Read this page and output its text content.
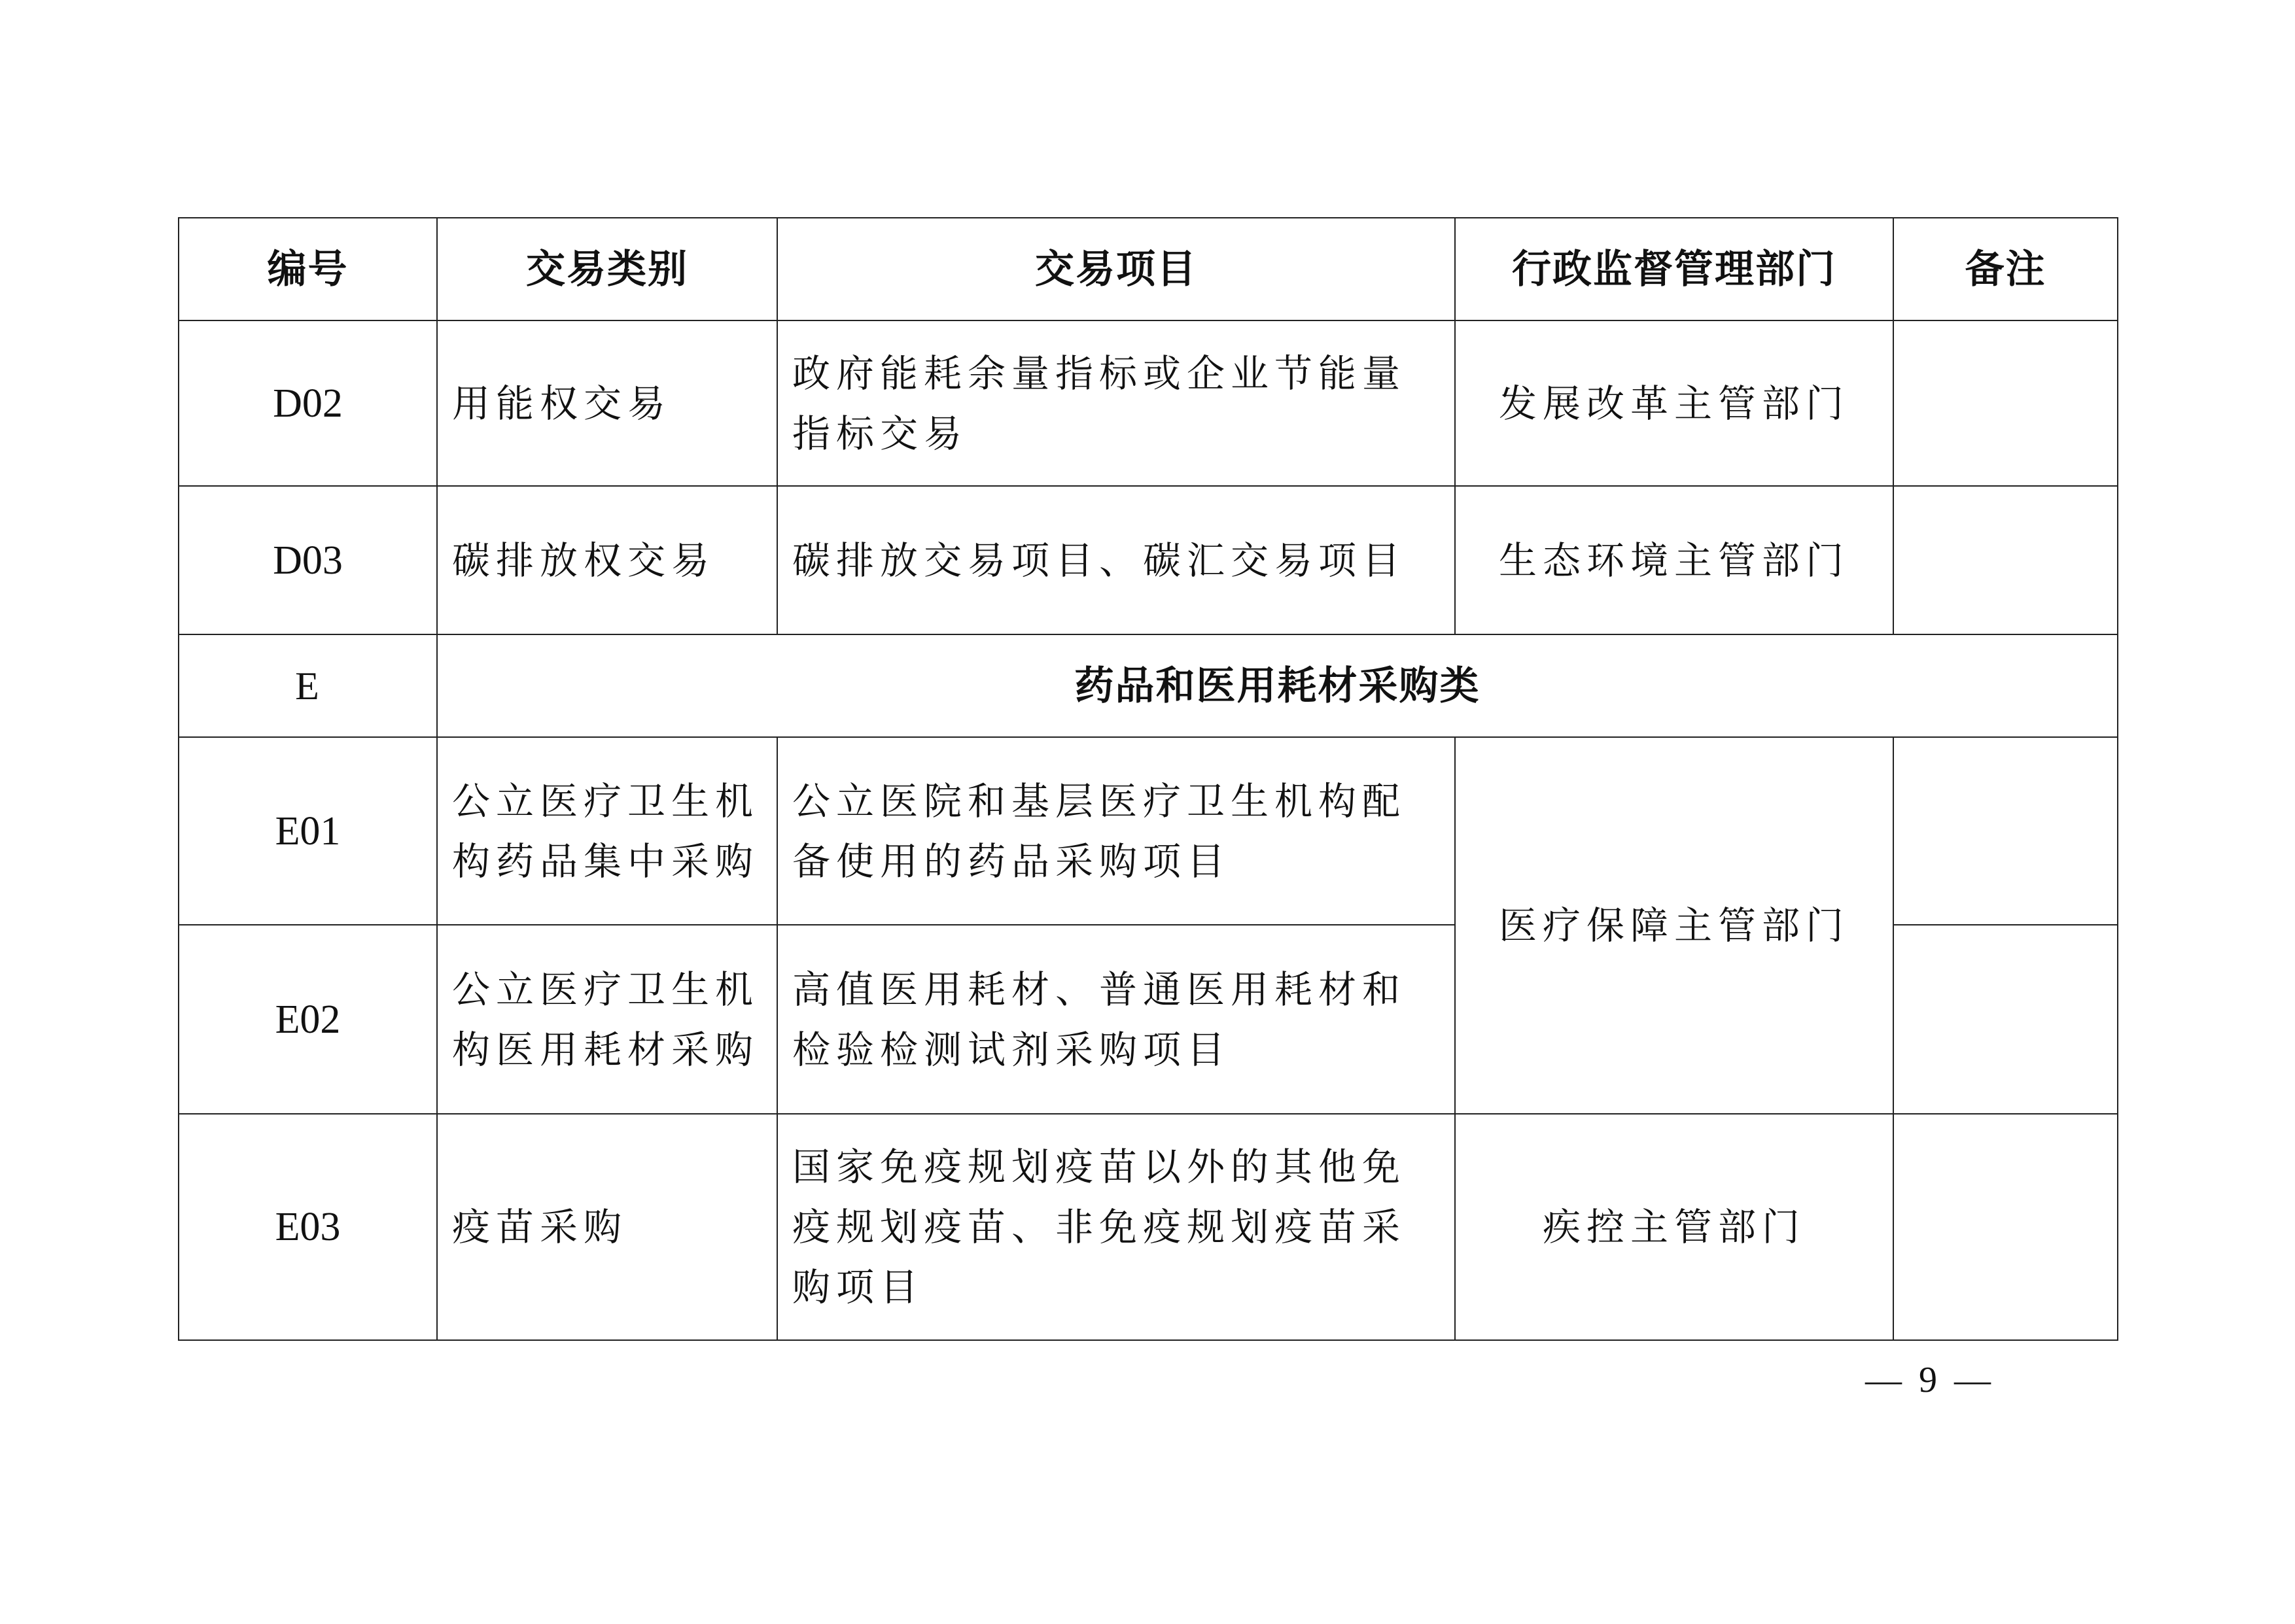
编号	交易类别	交易项目	行政监督管理部门	备注
D02	用能权交易	政府能耗余量指标或企业节能量指标交易	发展改革主管部门	
D03	碳排放权交易	碳排放交易项目、碳汇交易项目	生态环境主管部门	
E	药品和医用耗材采购类			
E01	公立医疗卫生机构药品集中采购	公立医院和基层医疗卫生机构配备使用的药品采购项目	医疗保障主管部门	
E02	公立医疗卫生机构医用耗材采购	高值医用耗材、普通医用耗材和检验检测试剂采购项目		
E03	疫苗采购	国家免疫规划疫苗以外的其他免疫规划疫苗、非免疫规划疫苗采购项目	疾控主管部门	
— 9 —
